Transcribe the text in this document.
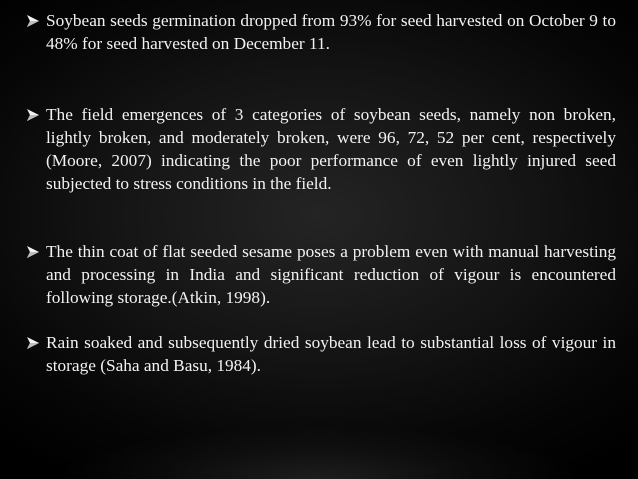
Soybean seeds germination dropped from 93% for seed harvested on October 9 to 48% for seed harvested on December 11.
The field emergences of 3 categories of soybean seeds, namely non broken, lightly broken, and moderately broken, were 96, 72, 52 per cent, respectively (Moore, 2007) indicating the poor performance of even lightly injured seed subjected to stress conditions in the field.
The thin coat of flat seeded sesame poses a problem even with manual harvesting and processing in India and significant reduction of vigour is encountered following storage.(Atkin, 1998).
Rain soaked and subsequently dried soybean lead to substantial loss of vigour in storage (Saha and Basu, 1984).
